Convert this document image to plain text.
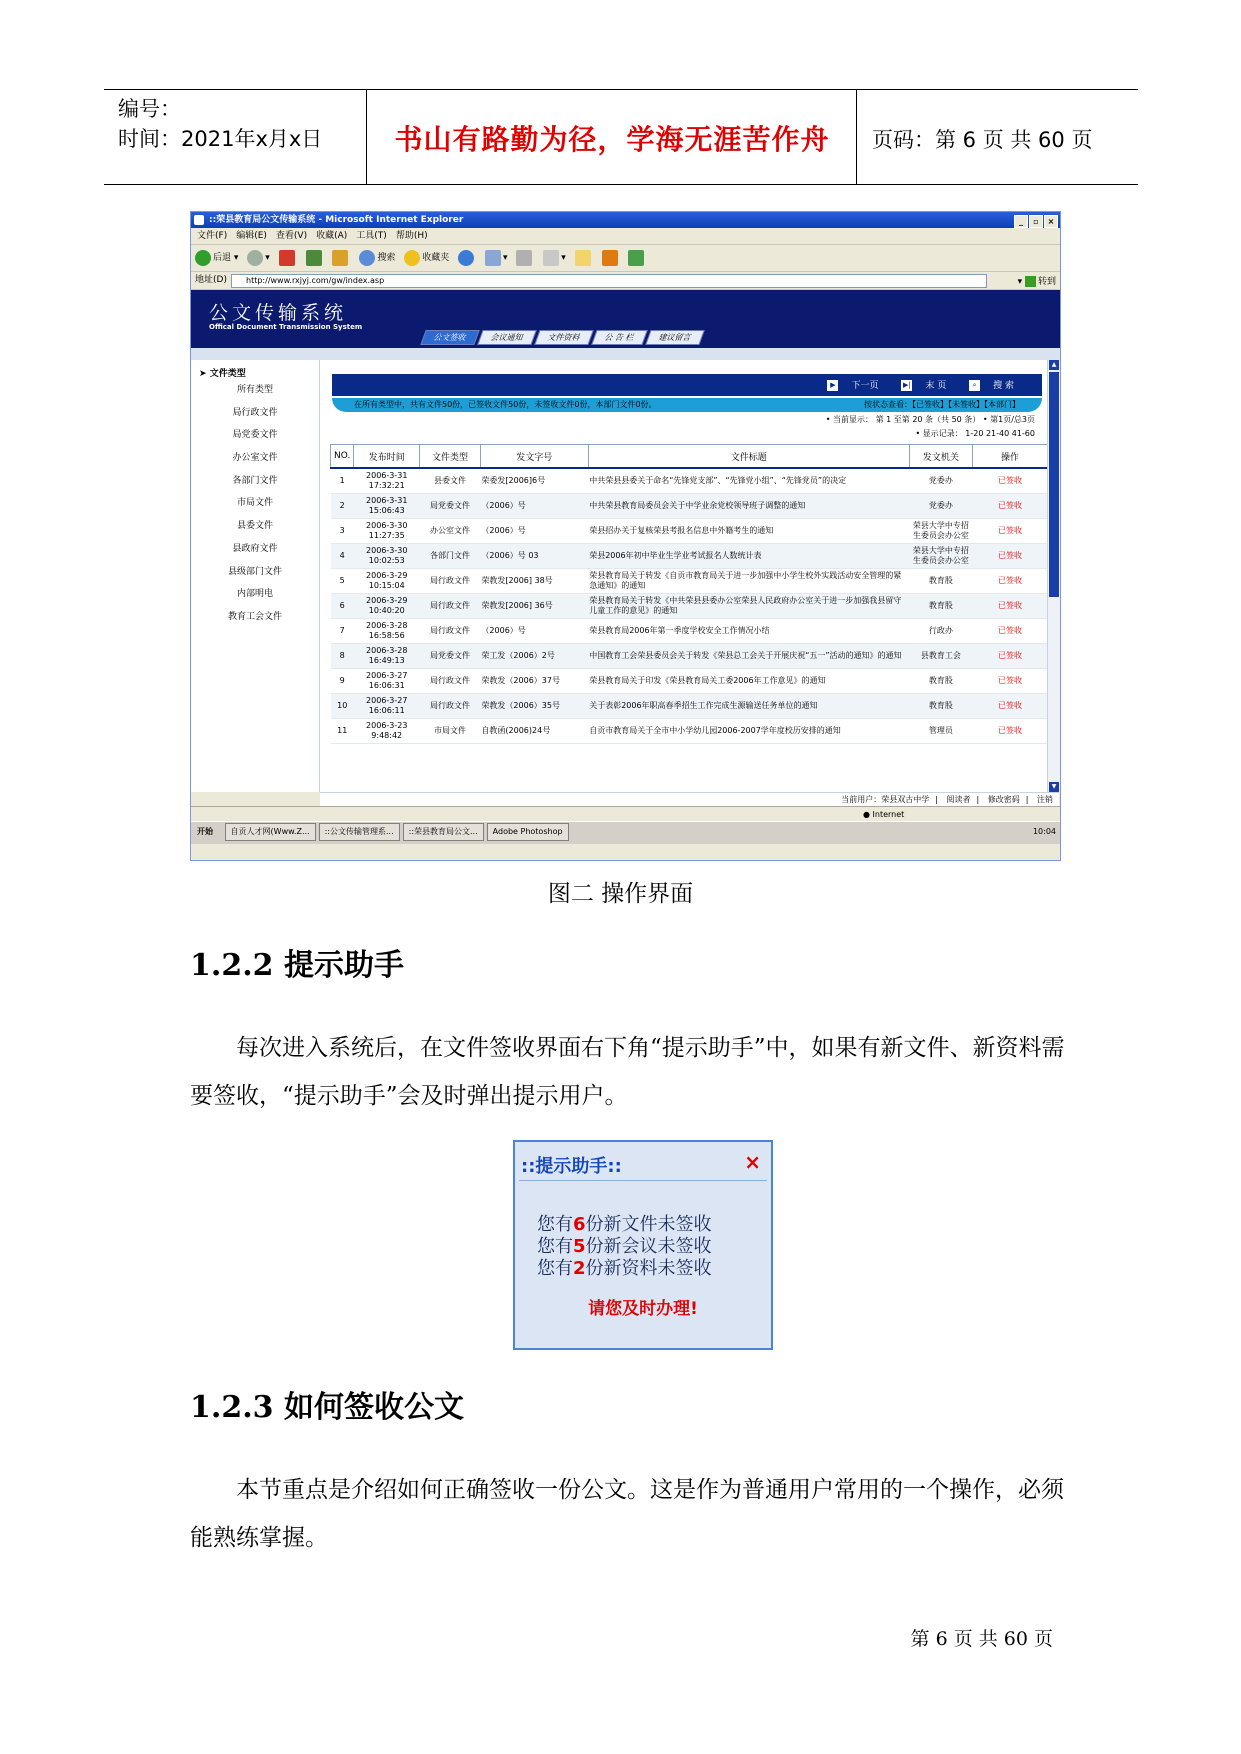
编号：
时间：2021年x月x日	书山有路勤为径，学海无涯苦作舟	页码：第 6 页 共 60 页
::荣县教育局公文传输系统 - Microsoft Internet Explorer	_ ▫ ×
文件(F) 编辑(E) 查看(V) 收藏(A) 工具(T) 帮助(H)
后退 ▾	▾	搜索	收藏夹	▾	▾
地址(D)	http://www.rxjyj.com/gw/index.asp	▾ 转到
公文传输系统
Offical Document Transmission System
公文签收	会议通知	文件资料	公 告 栏	建议留言
➤ 文件类型
所有类型
局行政文件
局党委文件
办公室文件
各部门文件
市局文件
县委文件
县政府文件
县级部门文件
内部明电
教育工会文件
▶ 下一页	▶| 末 页	⌕ 搜 索
在所有类型中，共有文件50份，已签收文件50份，未签收文件0份，本部门文件0份。	按状态查看：【已签收】【未签收】【本部门】
• 当前显示： 第 1 至第 20 条（共 50 条） • 第1页/总3页
• 显示记录： 1-20 21-40 41-60
NO.	发布时间	文件类型	发文字号	文件标题	发文机关	操作
1	2006-3-31 17:32:21	县委文件	荣委发[2006]6号	中共荣县县委关于命名“先锋党支部”、“先锋党小组”、“先锋党员”的决定	党委办	已签收
2	2006-3-31 15:06:43	局党委文件	（2006）号	中共荣县教育局委员会关于中学业余党校领导班子调整的通知	党委办	已签收
3	2006-3-30 11:27:35	办公室文件	（2006）号	荣县招办关于复核荣县考报名信息中外籍考生的通知	荣县大学中专招生委员会办公室	已签收
4	2006-3-30 10:02:53	各部门文件	（2006）号 03	荣县2006年初中毕业生学业考试报名人数统计表	荣县大学中专招生委员会办公室	已签收
5	2006-3-29 10:15:04	局行政文件	荣教发[2006] 38号	荣县教育局关于转发《自贡市教育局关于进一步加强中小学生校外实践活动安全管理的紧急通知》的通知	教育股	已签收
6	2006-3-29 10:40:20	局行政文件	荣教发[2006] 36号	荣县教育局关于转发《中共荣县县委办公室荣县人民政府办公室关于进一步加强我县留守儿童工作的意见》的通知	教育股	已签收
7	2006-3-28 16:58:56	局行政文件	（2006）号	荣县教育局2006年第一季度学校安全工作情况小结	行政办	已签收
8	2006-3-28 16:49:13	局党委文件	荣工发（2006）2号	中国教育工会荣县委员会关于转发《荣县总工会关于开展庆祝“五一”活动的通知》的通知	县教育工会	已签收
9	2006-3-27 16:06:31	局行政文件	荣教发（2006）37号	荣县教育局关于印发《荣县教育局关工委2006年工作意见》的通知	教育股	已签收
10	2006-3-27 16:06:11	局行政文件	荣教发（2006）35号	关于表彰2006年职高春季招生工作完成生源输送任务单位的通知	教育股	已签收
11	2006-3-23 9:48:42	市局文件	自教函(2006)24号	自贡市教育局关于全市中小学幼儿园2006-2007学年度校历安排的通知	管理员	已签收
▲
▼
当前用户：荣县双古中学 | 阅读者 | 修改密码 | 注销
● Internet
开始 自贡人才网(Www.Z... ::公文传输管理系... ::荣县教育局公文... Adobe Photoshop	10:04
图二 操作界面
1.2.2 提示助手

每次进入系统后，在文件签收界面右下角“提示助手”中，如果有新文件、新资料需要签收，“提示助手”会及时弹出提示用户。

::提示助手::	×
您有6份新文件未签收
您有5份新会议未签收
您有2份新资料未签收
请您及时办理!
1.2.3 如何签收公文

本节重点是介绍如何正确签收一份公文。这是作为普通用户常用的一个操作，必须能熟练掌握。

第 6 页 共 60 页
